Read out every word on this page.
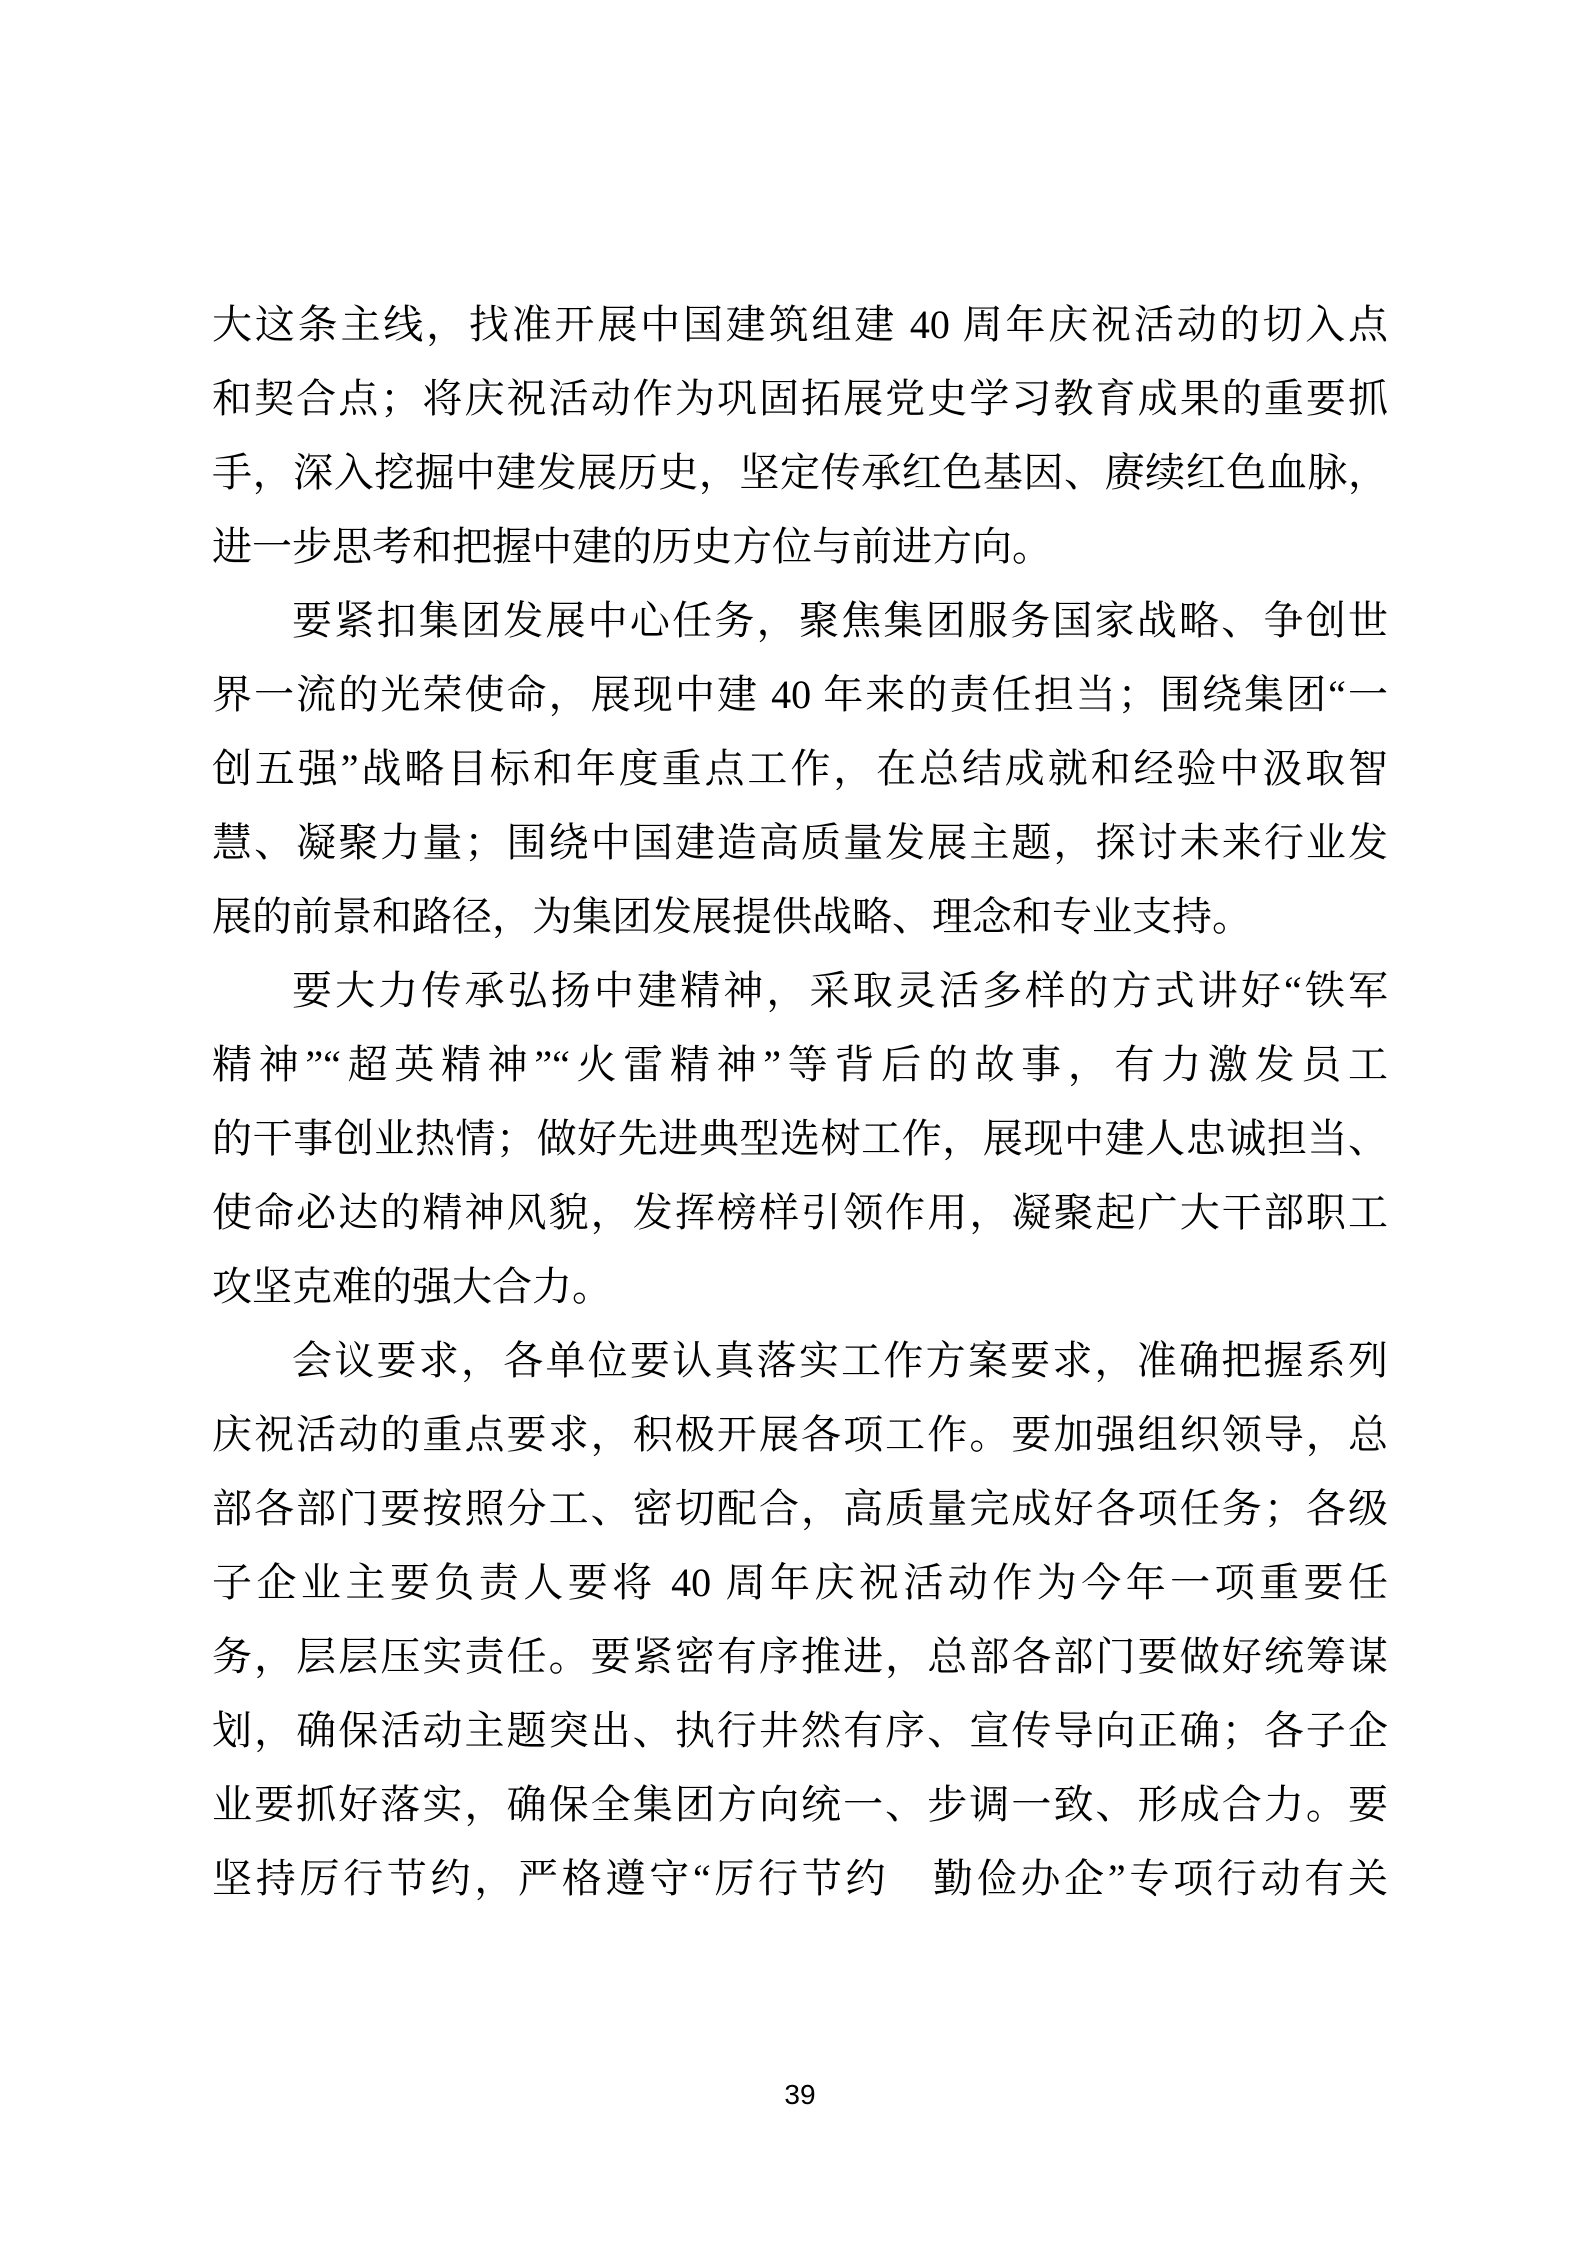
大这条主线，找准开展中国建筑组建 40 周年庆祝活动的切入点
和契合点；将庆祝活动作为巩固拓展党史学习教育成果的重要抓
手，深入挖掘中建发展历史，坚定传承红色基因、赓续红色血脉，
进一步思考和把握中建的历史方位与前进方向。
要紧扣集团发展中心任务，聚焦集团服务国家战略、争创世
界一流的光荣使命，展现中建 40 年来的责任担当；围绕集团“一
创五强”战略目标和年度重点工作，在总结成就和经验中汲取智
慧、凝聚力量；围绕中国建造高质量发展主题，探讨未来行业发
展的前景和路径，为集团发展提供战略、理念和专业支持。
要大力传承弘扬中建精神，采取灵活多样的方式讲好“铁军
精神”“超英精神”“火雷精神”等背后的故事，有力激发员工
的干事创业热情；做好先进典型选树工作，展现中建人忠诚担当、
使命必达的精神风貌，发挥榜样引领作用，凝聚起广大干部职工
攻坚克难的强大合力。
会议要求，各单位要认真落实工作方案要求，准确把握系列
庆祝活动的重点要求，积极开展各项工作。要加强组织领导，总
部各部门要按照分工、密切配合，高质量完成好各项任务；各级
子企业主要负责人要将 40 周年庆祝活动作为今年一项重要任
务，层层压实责任。要紧密有序推进，总部各部门要做好统筹谋
划，确保活动主题突出、执行井然有序、宣传导向正确；各子企
业要抓好落实，确保全集团方向统一、步调一致、形成合力。要
坚持厉行节约，严格遵守“厉行节约　勤俭办企”专项行动有关
39
